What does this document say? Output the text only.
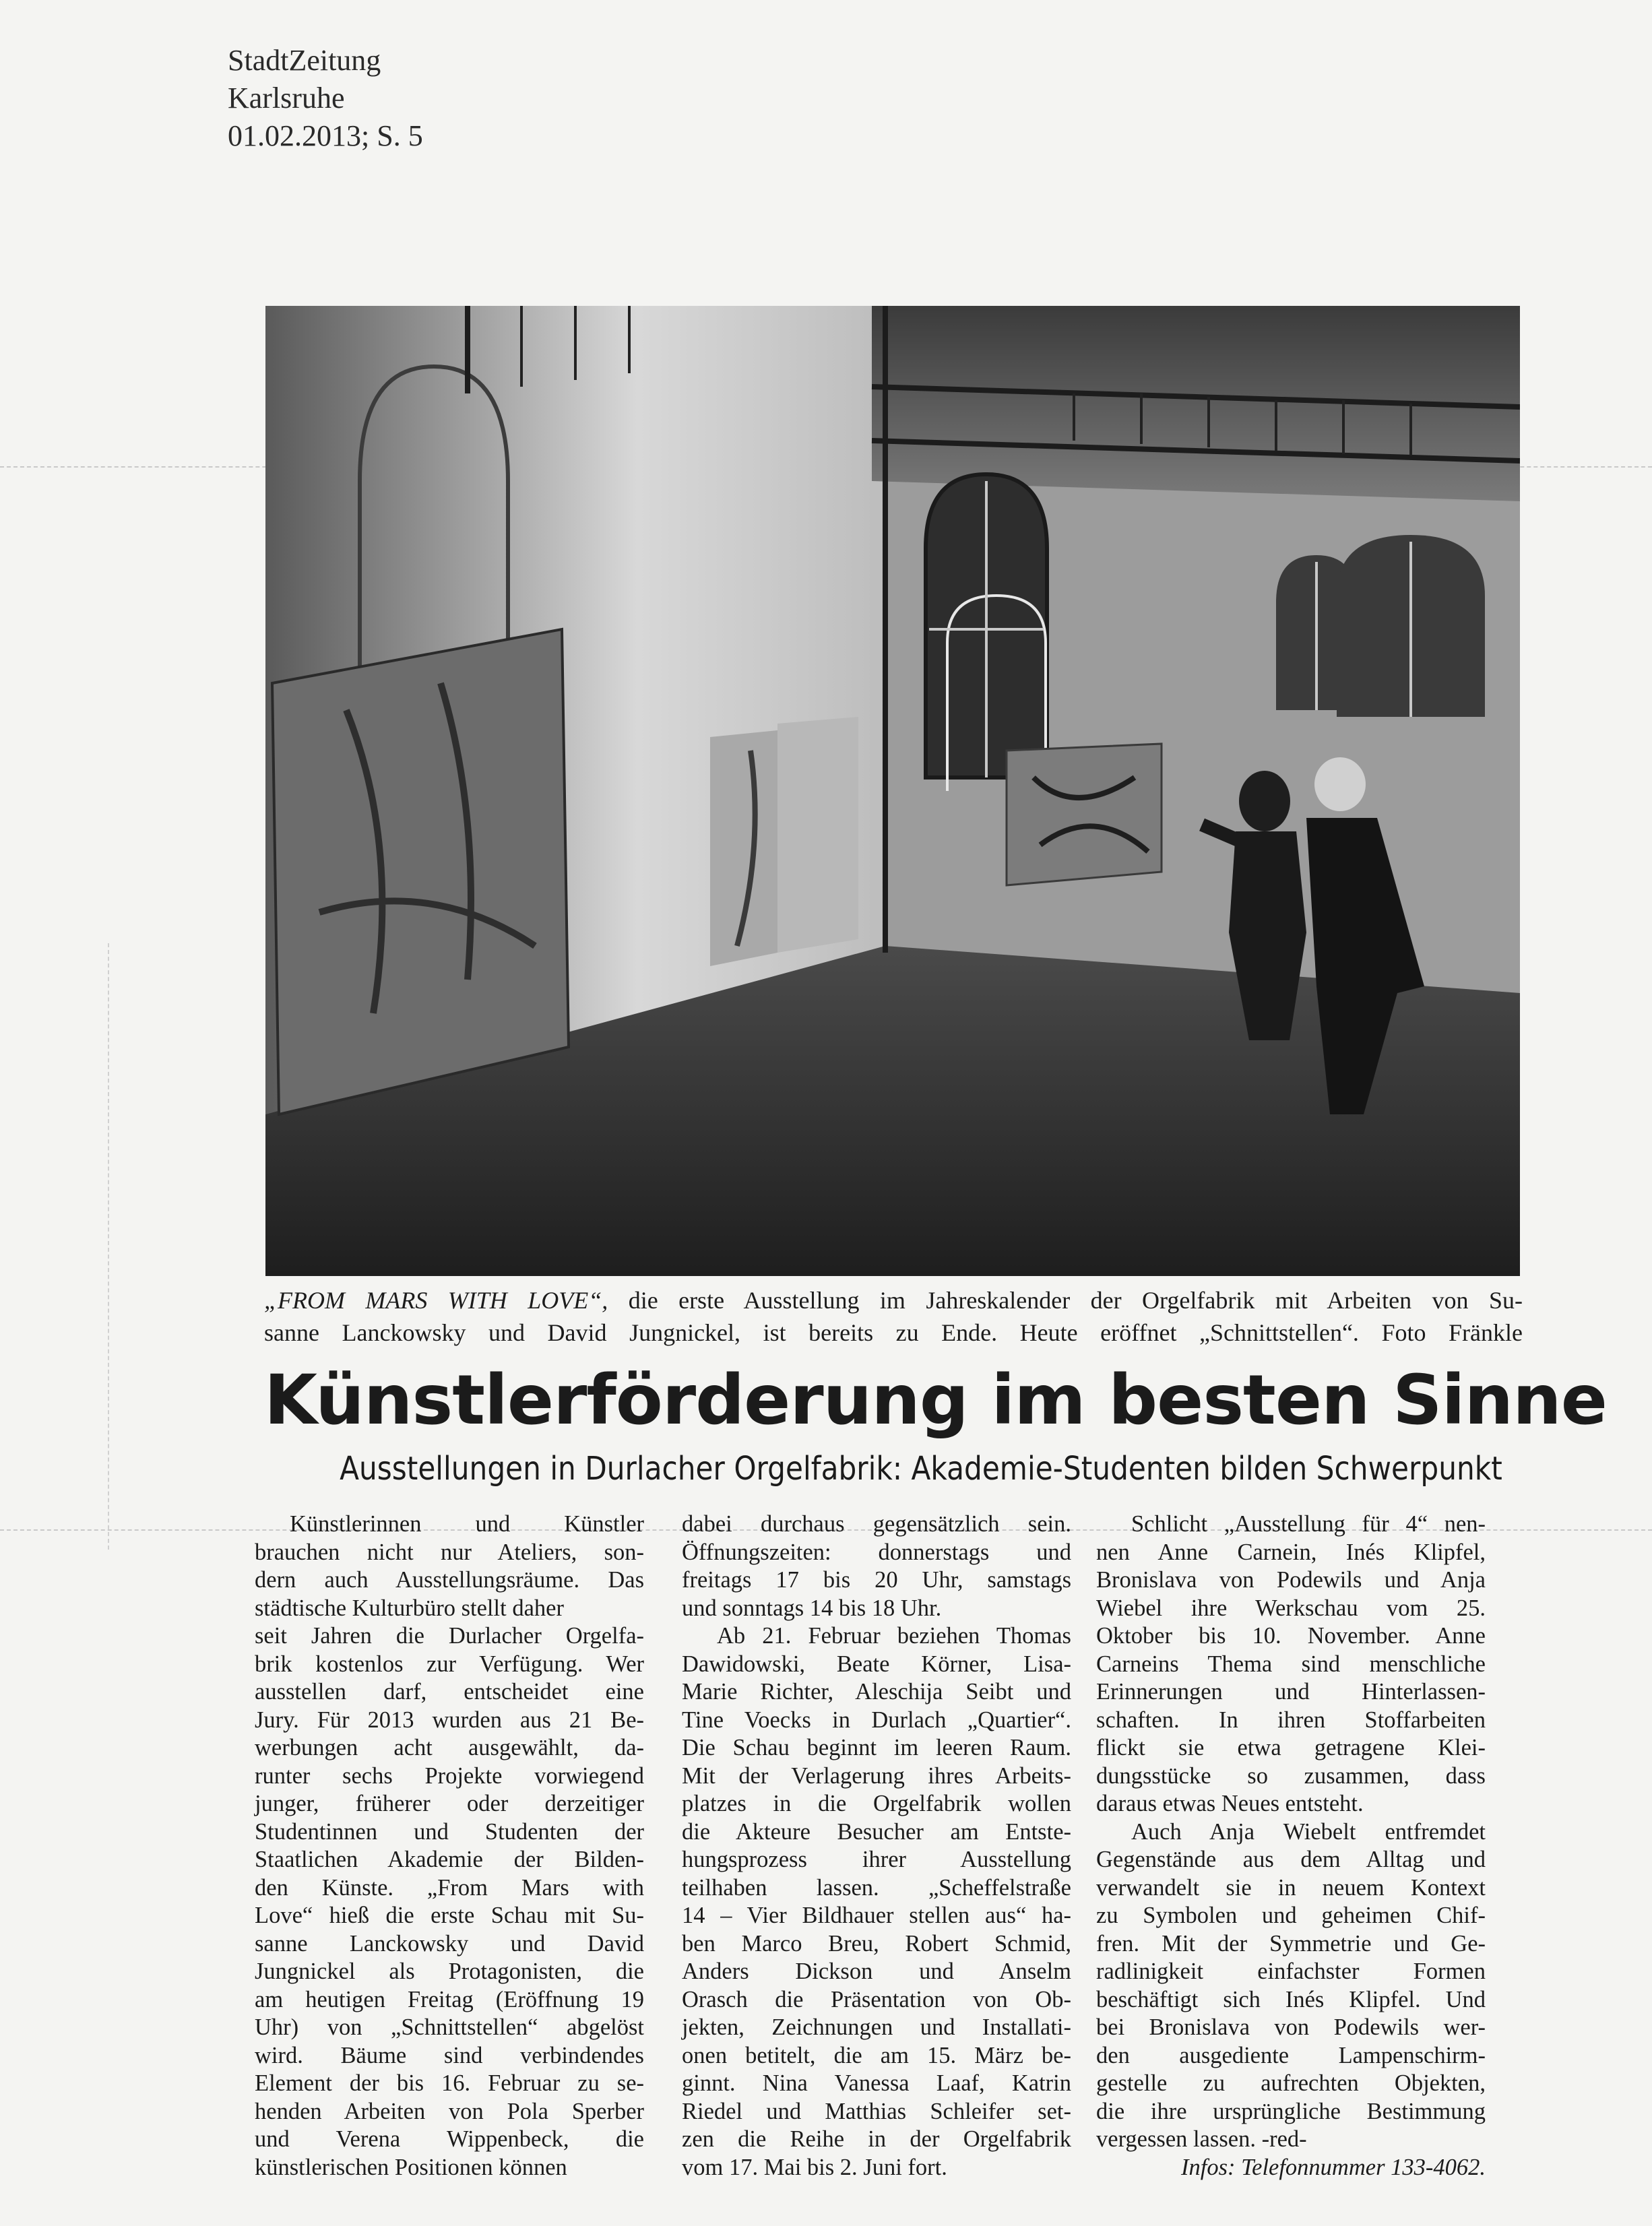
StadtZeitung
Karlsruhe
01.02.2013; S. 5
„FROM MARS WITH LOVE“, die erste Ausstellung im Jahreskalender der Orgelfabrik mit Arbeiten von Su-
sanne Lanckowsky und David Jungnickel, ist bereits zu Ende. Heute eröffnet „Schnittstellen“. Foto Fränkle
Künstlerförderung im besten Sinne
Ausstellungen in Durlacher Orgelfabrik: Akademie-Studenten bilden Schwerpunkt
Künstlerinnen und Künstler
brauchen nicht nur Ateliers, son-
dern auch Ausstellungsräume. Das
städtische Kulturbüro stellt daher
seit Jahren die Durlacher Orgelfa-
brik kostenlos zur Verfügung. Wer
ausstellen darf, entscheidet eine
Jury. Für 2013 wurden aus 21 Be-
werbungen acht ausgewählt, da-
runter sechs Projekte vorwiegend
junger, früherer oder derzeitiger
Studentinnen und Studenten der
Staatlichen Akademie der Bilden-
den Künste. „From Mars with
Love“ hieß die erste Schau mit Su-
sanne Lanckowsky und David
Jungnickel als Protagonisten, die
am heutigen Freitag (Eröffnung 19
Uhr) von „Schnittstellen“ abgelöst
wird. Bäume sind verbindendes
Element der bis 16. Februar zu se-
henden Arbeiten von Pola Sperber
und Verena Wippenbeck, die
künstlerischen Positionen können
dabei durchaus gegensätzlich sein.
Öffnungszeiten: donnerstags und
freitags 17 bis 20 Uhr, samstags
und sonntags 14 bis 18 Uhr.
Ab 21. Februar beziehen Thomas
Dawidowski, Beate Körner, Lisa-
Marie Richter, Aleschija Seibt und
Tine Voecks in Durlach „Quartier“.
Die Schau beginnt im leeren Raum.
Mit der Verlagerung ihres Arbeits-
platzes in die Orgelfabrik wollen
die Akteure Besucher am Entste-
hungsprozess ihrer Ausstellung
teilhaben lassen. „Scheffelstraße
14 – Vier Bildhauer stellen aus“ ha-
ben Marco Breu, Robert Schmid,
Anders Dickson und Anselm
Orasch die Präsentation von Ob-
jekten, Zeichnungen und Installati-
onen betitelt, die am 15. März be-
ginnt. Nina Vanessa Laaf, Katrin
Riedel und Matthias Schleifer set-
zen die Reihe in der Orgelfabrik
vom 17. Mai bis 2. Juni fort.
Schlicht „Ausstellung für 4“ nen-
nen Anne Carnein, Inés Klipfel,
Bronislava von Podewils und Anja
Wiebel ihre Werkschau vom 25.
Oktober bis 10. November. Anne
Carneins Thema sind menschliche
Erinnerungen und Hinterlassen-
schaften. In ihren Stoffarbeiten
flickt sie etwa getragene Klei-
dungsstücke so zusammen, dass
daraus etwas Neues entsteht.
Auch Anja Wiebelt entfremdet
Gegenstände aus dem Alltag und
verwandelt sie in neuem Kontext
zu Symbolen und geheimen Chif-
fren. Mit der Symmetrie und Ge-
radlinigkeit einfachster Formen
beschäftigt sich Inés Klipfel. Und
bei Bronislava von Podewils wer-
den ausgediente Lampenschirm-
gestelle zu aufrechten Objekten,
die ihre ursprüngliche Bestimmung
vergessen lassen. -red-
Infos: Telefonnummer 133-4062.
